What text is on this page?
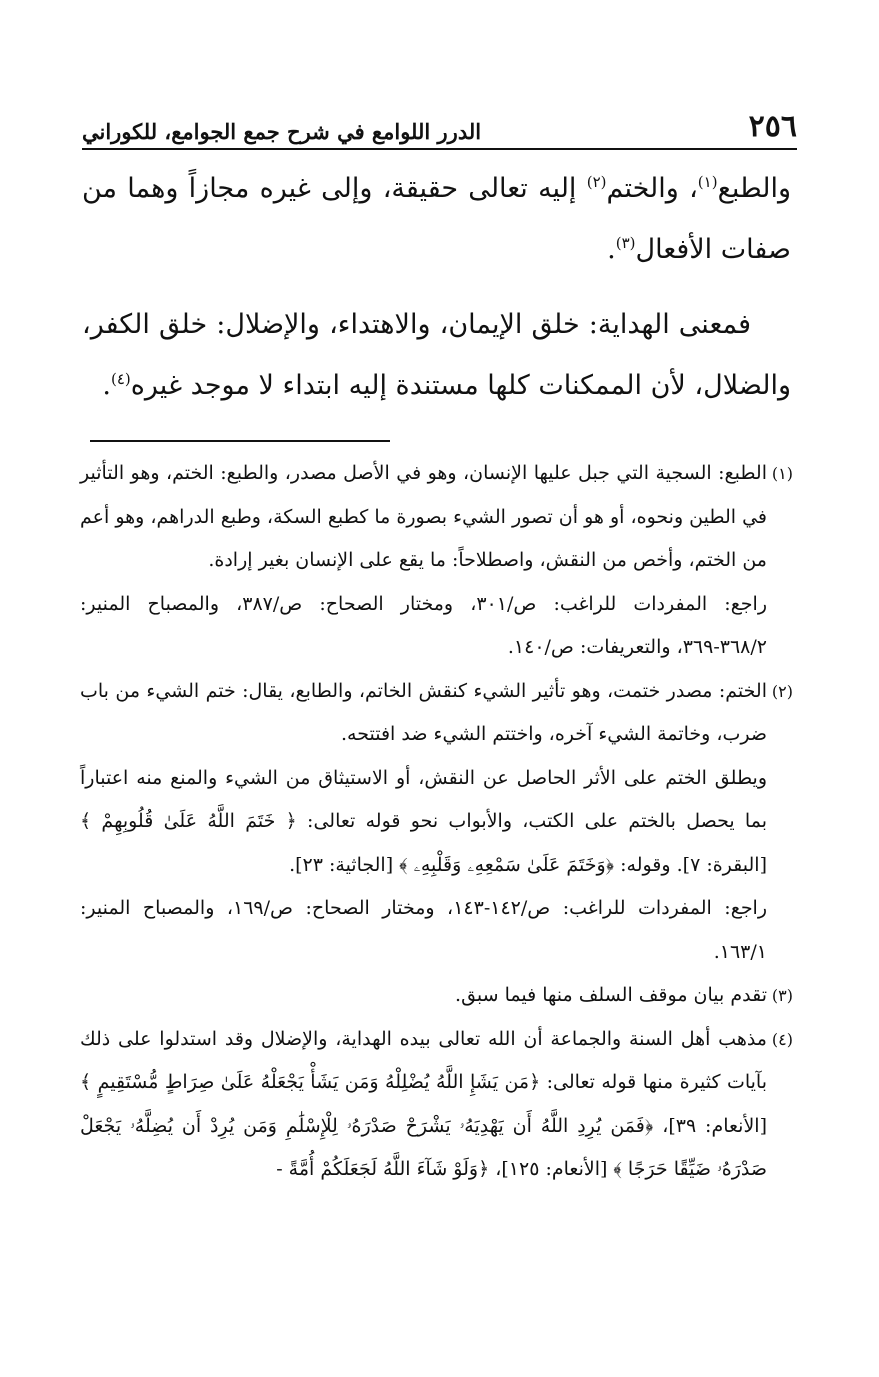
٢٥٦
الدرر اللوامع في شرح جمع الجوامع، للكوراني

والطبع$^{(١)}$، والختم$^{(٢)}$ إليه تعالى حقيقة، وإلى غيره مجازاً وهما من صفات الأفعال$^{(٣)}$.

فمعنى الهداية: خلق الإيمان، والاهتداء، والإضلال: خلق الكفر، والضلال، لأن الممكنات كلها مستندة إليه ابتداء لا موجد غيره$^{(٤)}$.

(١)

الطبع: السجية التي جبل عليها الإنسان، وهو في الأصل مصدر، والطبع: الختم، وهو التأثير في الطين ونحوه، أو هو أن تصور الشيء بصورة ما كطبع السكة، وطبع الدراهم، وهو أعم من الختم، وأخص من النقش، واصطلاحاً: ما يقع على الإنسان بغير إرادة.

راجع: المفردات للراغب: ص/٣٠١، ومختار الصحاح: ص/٣٨٧، والمصباح المنير: ٣٦٨/٢-٣٦٩، والتعريفات: ص/١٤٠.

(٢)

الختم: مصدر ختمت، وهو تأثير الشيء كنقش الخاتم، والطابع، يقال: ختم الشيء من باب ضرب، وخاتمة الشيء آخره، واختتم الشيء ضد افتتحه.

ويطلق الختم على الأثر الحاصل عن النقش، أو الاستيثاق من الشيء والمنع منه اعتباراً بما يحصل بالختم على الكتب، والأبواب نحو قوله تعالى: ﴿ خَتَمَ اللَّهُ عَلَىٰ قُلُوبِهِمْ ﴾ [البقرة: ٧]. وقوله: ﴿وَخَتَمَ عَلَىٰ سَمْعِهِۦ وَقَلْبِهِۦ ﴾ [الجاثية: ٢٣].

راجع: المفردات للراغب: ص/١٤٢-١٤٣، ومختار الصحاح: ص/١٦٩، والمصباح المنير: ١٦٣/١.

(٣)

تقدم بيان موقف السلف منها فيما سبق.

(٤)

مذهب أهل السنة والجماعة أن الله تعالى بيده الهداية، والإضلال وقد استدلوا على ذلك بآيات كثيرة منها قوله تعالى: ﴿مَن يَشَإِ اللَّهُ يُضْلِلْهُ وَمَن يَشَأْ يَجْعَلْهُ عَلَىٰ صِرَاطٍ مُّسْتَقِيمٍ ﴾ [الأنعام: ٣٩]، ﴿فَمَن يُرِدِ اللَّهُ أَن يَهْدِيَهُۥ يَشْرَحْ صَدْرَهُۥ لِلْإِسْلَٰمِ وَمَن يُرِدْ أَن يُضِلَّهُۥ يَجْعَلْ صَدْرَهُۥ ضَيِّقًا حَرَجًا ﴾ [الأنعام: ١٢٥]، ﴿وَلَوْ شَآءَ اللَّهُ لَجَعَلَكُمْ أُمَّةً -
